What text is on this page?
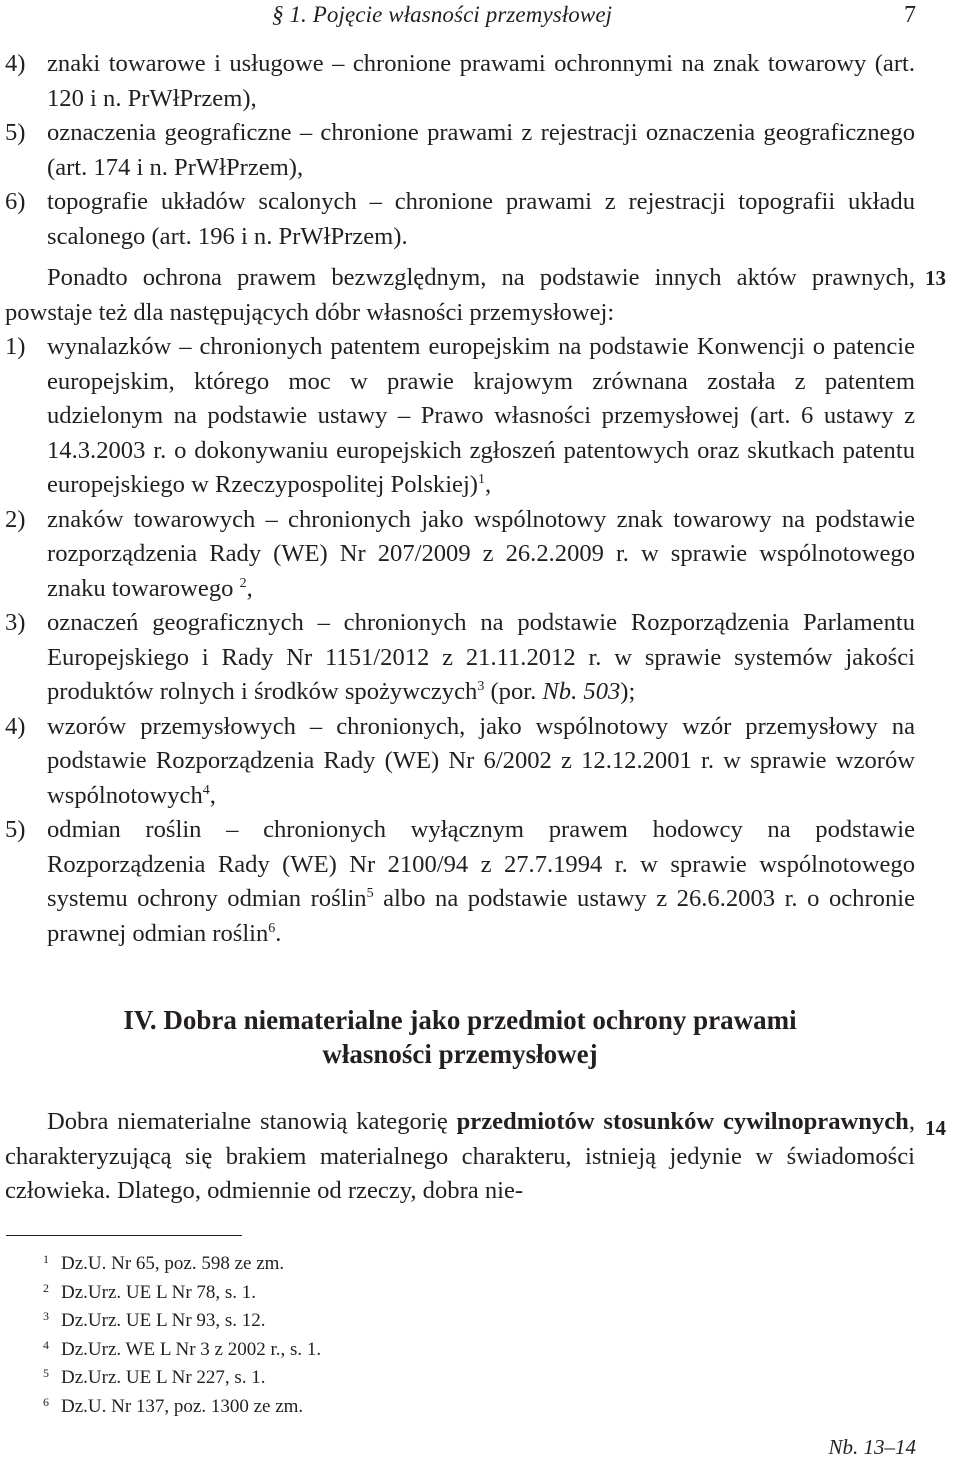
§ 1. Pojęcie własności przemysłowej	7
4) znaki towarowe i usługowe – chronione prawami ochronnymi na znak towarowy (art. 120 i n. PrWłPrzem),
5) oznaczenia geograficzne – chronione prawami z rejestracji oznaczenia geograficznego (art. 174 i n. PrWłPrzem),
6) topografie układów scalonych – chronione prawami z rejestracji topografii układu scalonego (art. 196 i n. PrWłPrzem).
13
Ponadto ochrona prawem bezwzględnym, na podstawie innych aktów prawnych, powstaje też dla następujących dóbr własności przemysłowej:
1) wynalazków – chronionych patentem europejskim na podstawie Konwencji o patencie europejskim, którego moc w prawie krajowym zrównana została z patentem udzielonym na podstawie ustawy – Prawo własności przemysłowej (art. 6 ustawy z 14.3.2003 r. o dokonywaniu europejskich zgłoszeń patentowych oraz skutkach patentu europejskiego w Rzeczypospolitej Polskiej)$^1$,
2) znaków towarowych – chronionych jako wspólnotowy znak towarowy na podstawie rozporządzenia Rady (WE) Nr 207/2009 z 26.2.2009 r. w sprawie wspólnotowego znaku towarowego $^2$,
3) oznaczeń geograficznych – chronionych na podstawie Rozporządzenia Parlamentu Europejskiego i Rady Nr 1151/2012 z 21.11.2012 r. w sprawie systemów jakości produktów rolnych i środków spożywczych$^3$ (por. Nb. 503);
4) wzorów przemysłowych – chronionych, jako wspólnotowy wzór przemysłowy na podstawie Rozporządzenia Rady (WE) Nr 6/2002 z 12.12.2001 r. w sprawie wzorów wspólnotowych$^4$,
5) odmian roślin – chronionych wyłącznym prawem hodowcy na podstawie Rozporządzenia Rady (WE) Nr 2100/94 z 27.7.1994 r. w sprawie wspólnotowego systemu ochrony odmian roślin$^5$ albo na podstawie ustawy z 26.6.2003 r. o ochronie prawnej odmian roślin$^6$.
IV. Dobra niematerialne jako przedmiot ochrony prawami
własności przemysłowej
14
Dobra niematerialne stanowią kategorię przedmiotów stosunków cywilnoprawnych, charakteryzującą się brakiem materialnego charakteru, istnieją jedynie w świadomości człowieka. Dlatego, odmiennie od rzeczy, dobra nie-
1 Dz.U. Nr 65, poz. 598 ze zm.
2 Dz.Urz. UE L Nr 78, s. 1.
3 Dz.Urz. UE L Nr 93, s. 12.
4 Dz.Urz. WE L Nr 3 z 2002 r., s. 1.
5 Dz.Urz. UE L Nr 227, s. 1.
6 Dz.U. Nr 137, poz. 1300 ze zm.
Nb. 13–14
